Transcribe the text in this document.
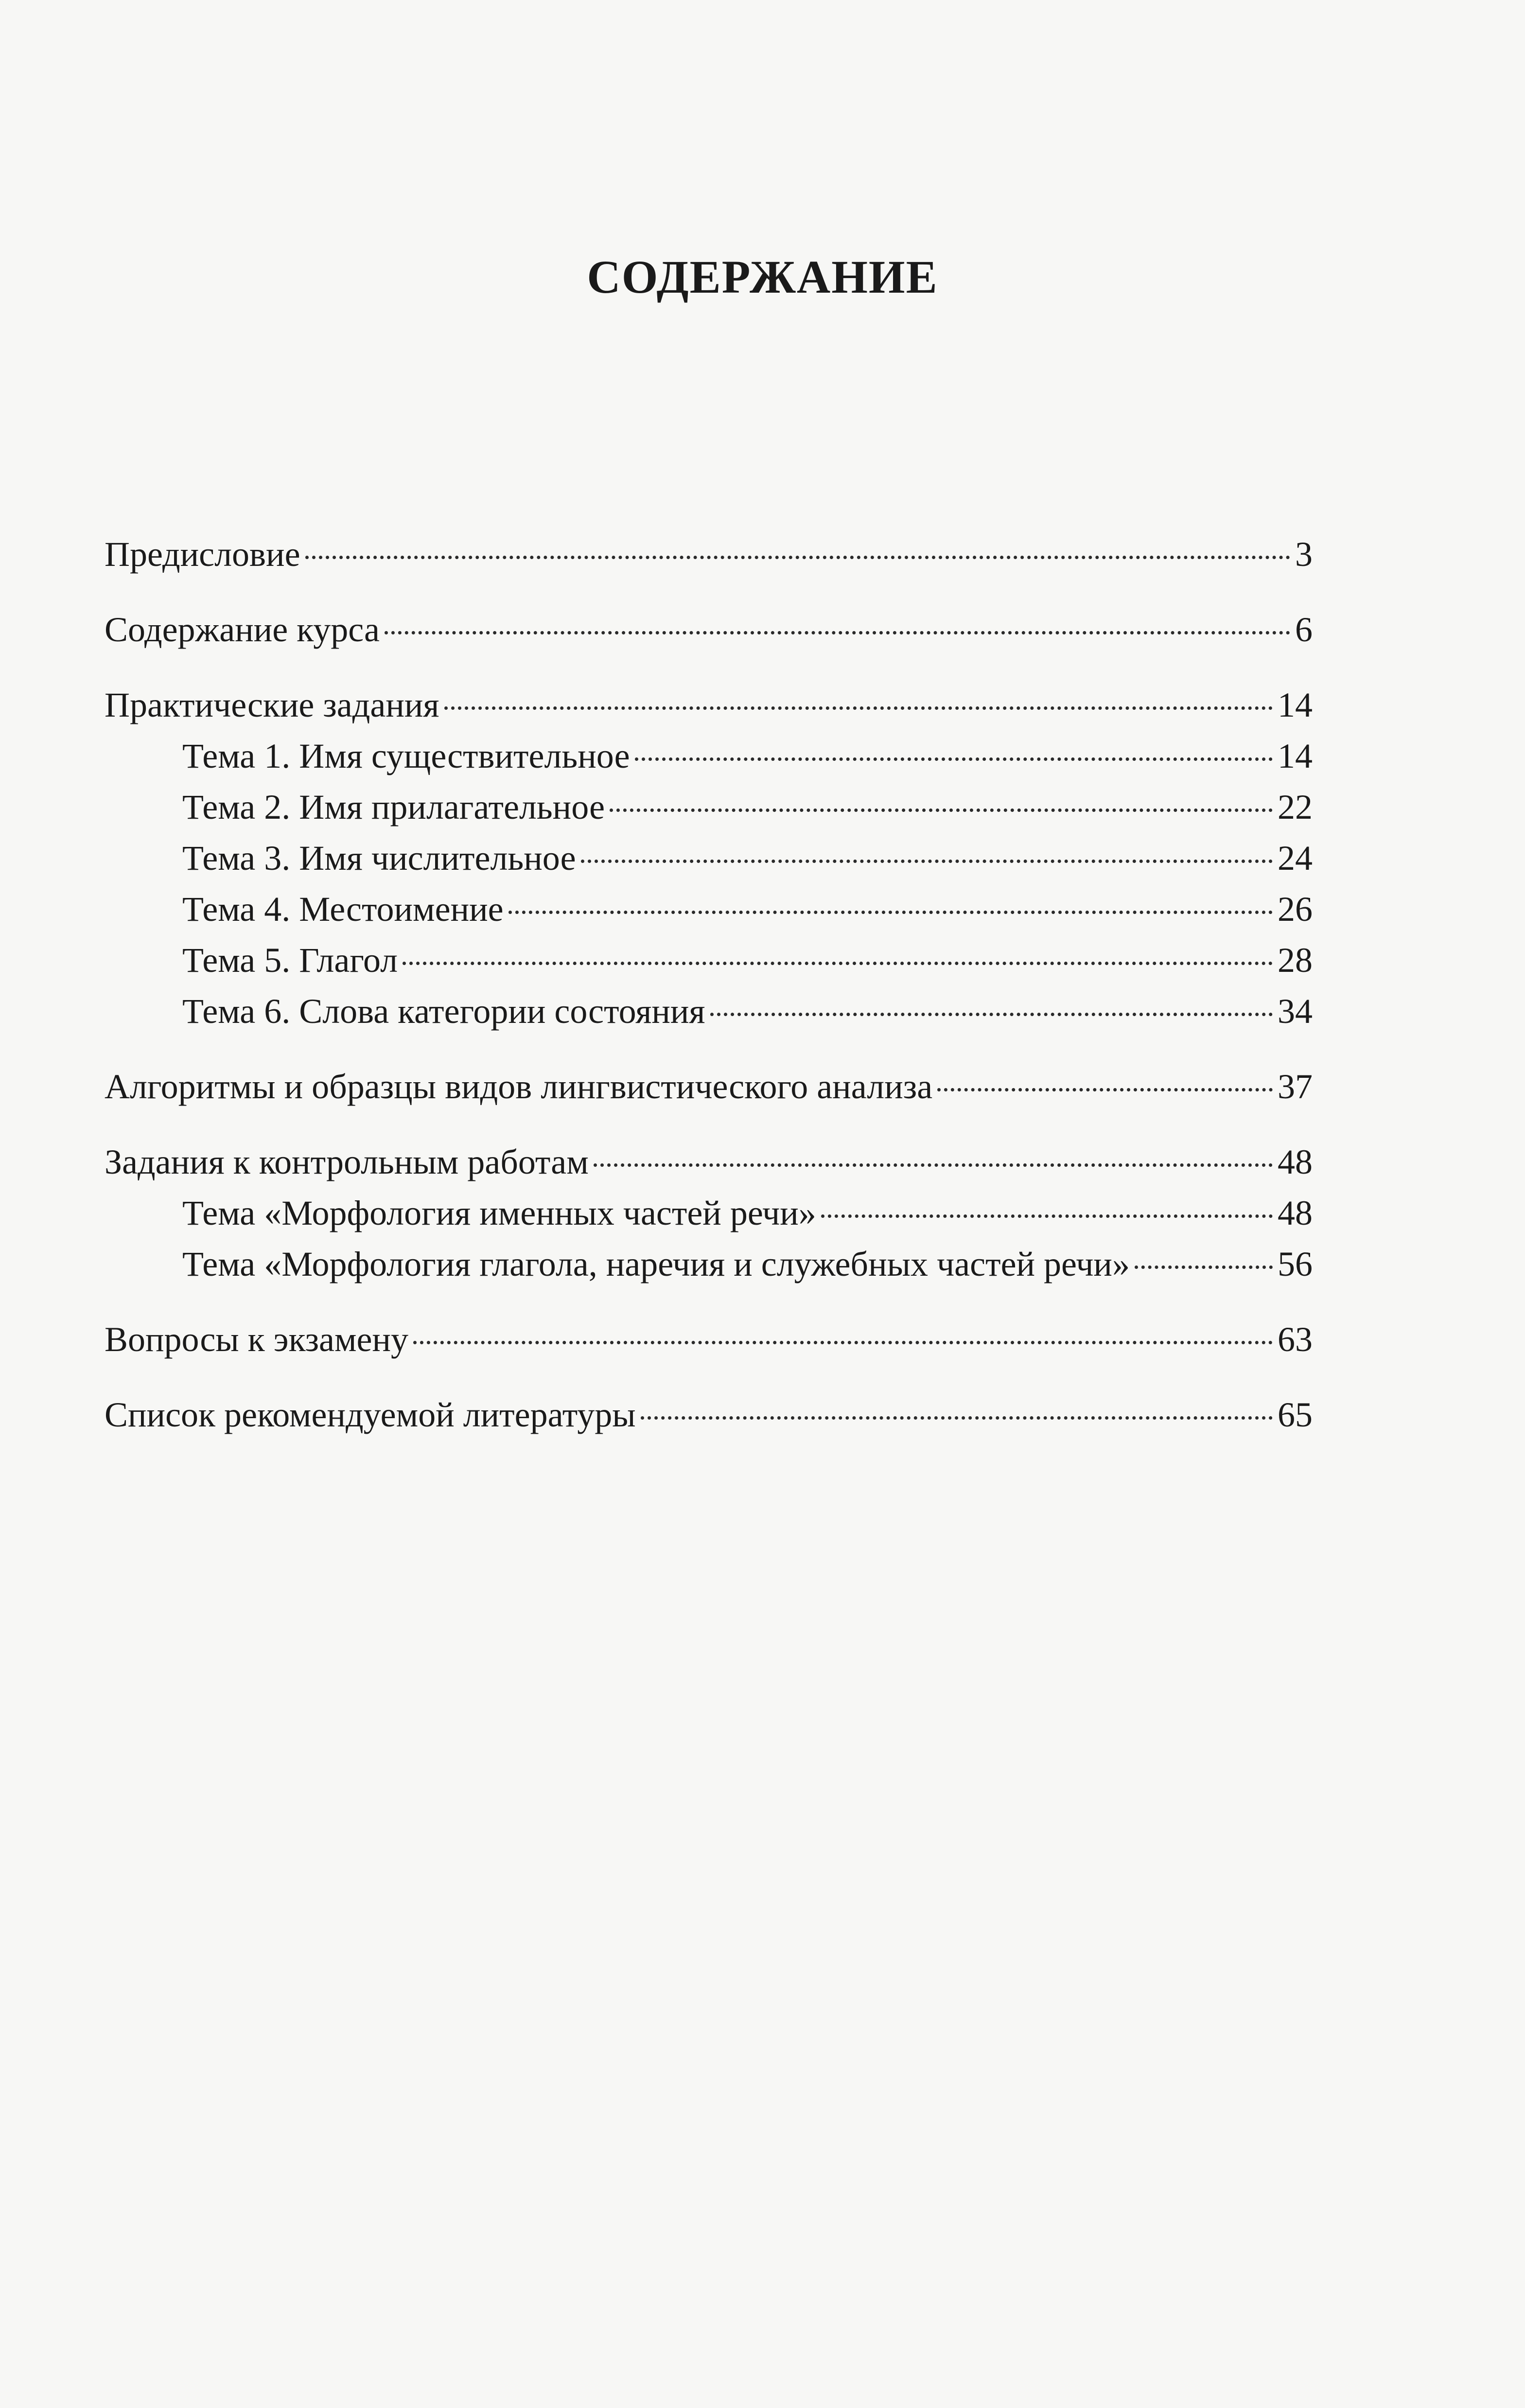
СОДЕРЖАНИЕ
Предисловие	3
Содержание курса	6
Практические задания	14
Тема 1. Имя существительное	14
Тема 2. Имя прилагательное	22
Тема 3. Имя числительное	24
Тема 4. Местоимение	26
Тема 5. Глагол	28
Тема 6. Слова категории состояния	34
Алгоритмы и образцы видов лингвистического анализа	37
Задания к контрольным работам	48
Тема «Морфология именных частей речи»	48
Тема «Морфология глагола, наречия и служебных частей речи»	56
Вопросы к экзамену	63
Список рекомендуемой литературы	65
